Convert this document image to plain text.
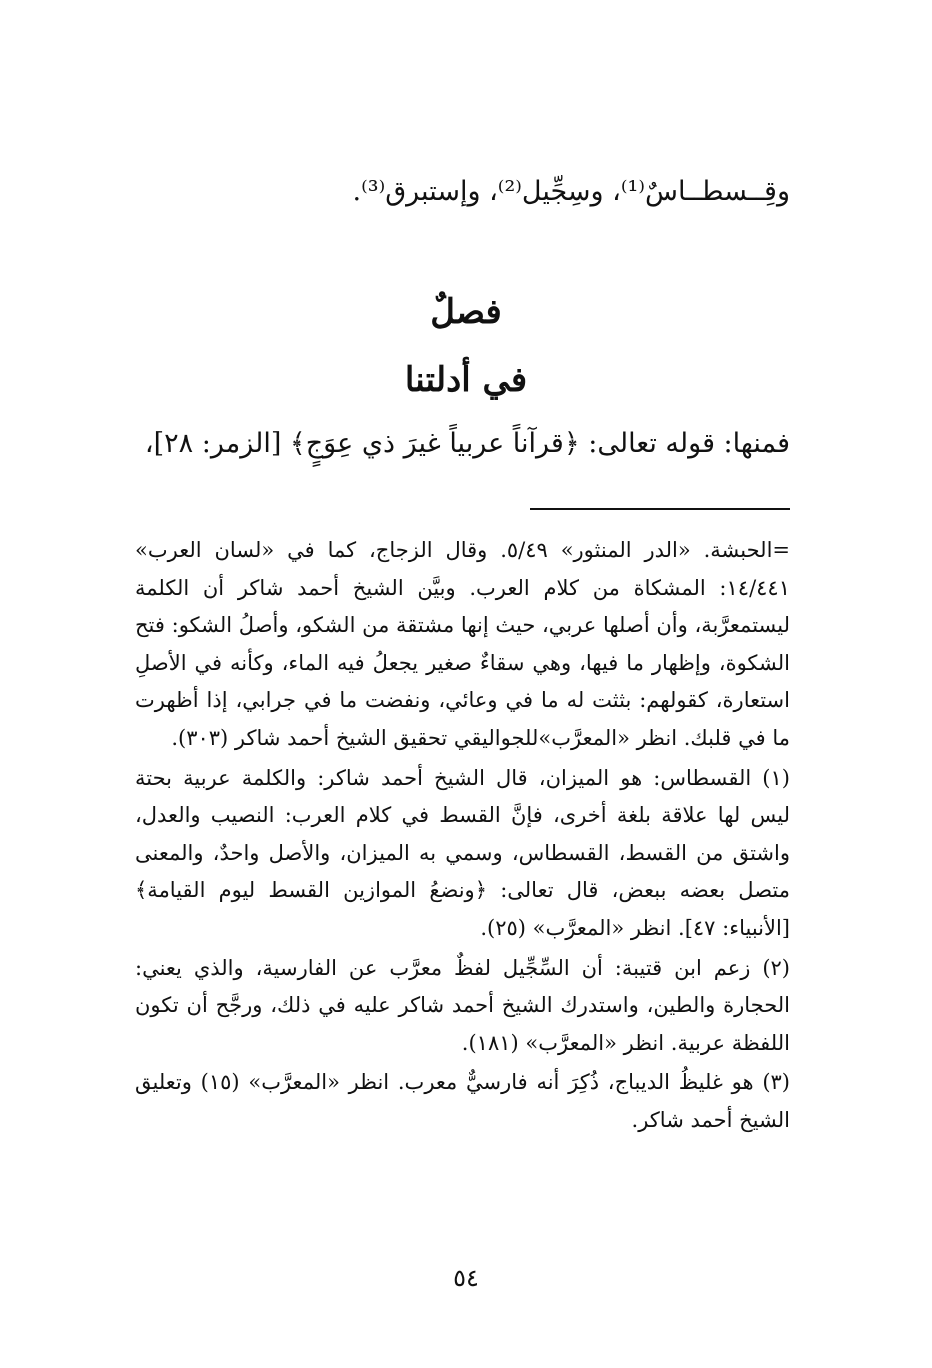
وقِــسطــاسٌ⁽¹⁾، وسِجِّيل⁽²⁾، وإستبرق⁽³⁾.
فصلٌ
في أدلتنا
فمنها: قوله تعالى: ﴿قرآناً عربياً غيرَ ذي عِوَجٍ﴾ [الزمر: ٢٨]،

=الحبشة. «الدر المنثور» ٥/٤٩. وقال الزجاج، كما في «لسان العرب» ١٤/٤٤١: المشكاة من كلام العرب. وبيَّن الشيخ أحمد شاكر أن الكلمة ليستمعرَّبة، وأن أصلها عربي، حيث إنها مشتقة من الشكو، وأصلُ الشكو: فتح الشكوة، وإظهار ما فيها، وهي سقاءٌ صغير يجعلُ فيه الماء، وكأنه في الأصلِ استعارة، كقولهم: بثثت له ما في وعائي، ونفضت ما في جرابي، إذا أظهرت ما في قلبك. انظر «المعرَّب»للجواليقي تحقيق الشيخ أحمد شاكر (٣٠٣).

(١) القسطاس: هو الميزان، قال الشيخ أحمد شاكر: والكلمة عربية بحتة ليس لها علاقة بلغة أخرى، فإنَّ القسط في كلام العرب: النصيب والعدل، واشتق من القسط، القسطاس، وسمي به الميزان، والأصل واحدٌ، والمعنى متصل بعضه ببعض، قال تعالى: ﴿ونضعُ الموازين القسط ليوم القيامة﴾ [الأنبياء: ٤٧]. انظر «المعرَّب» (٢٥).

(٢) زعم ابن قتيبة: أن السِّجِّيل لفظٌ معرَّب عن الفارسية، والذي يعني: الحجارة والطين، واستدرك الشيخ أحمد شاكر عليه في ذلك، ورجَّح أن تكون اللفظة عربية. انظر «المعرَّب» (١٨١).

(٣) هو غليظُ الديباج، ذُكِرَ أنه فارسيٌّ معرب. انظر «المعرَّب» (١٥) وتعليق الشيخ أحمد شاكر.

٥٤
